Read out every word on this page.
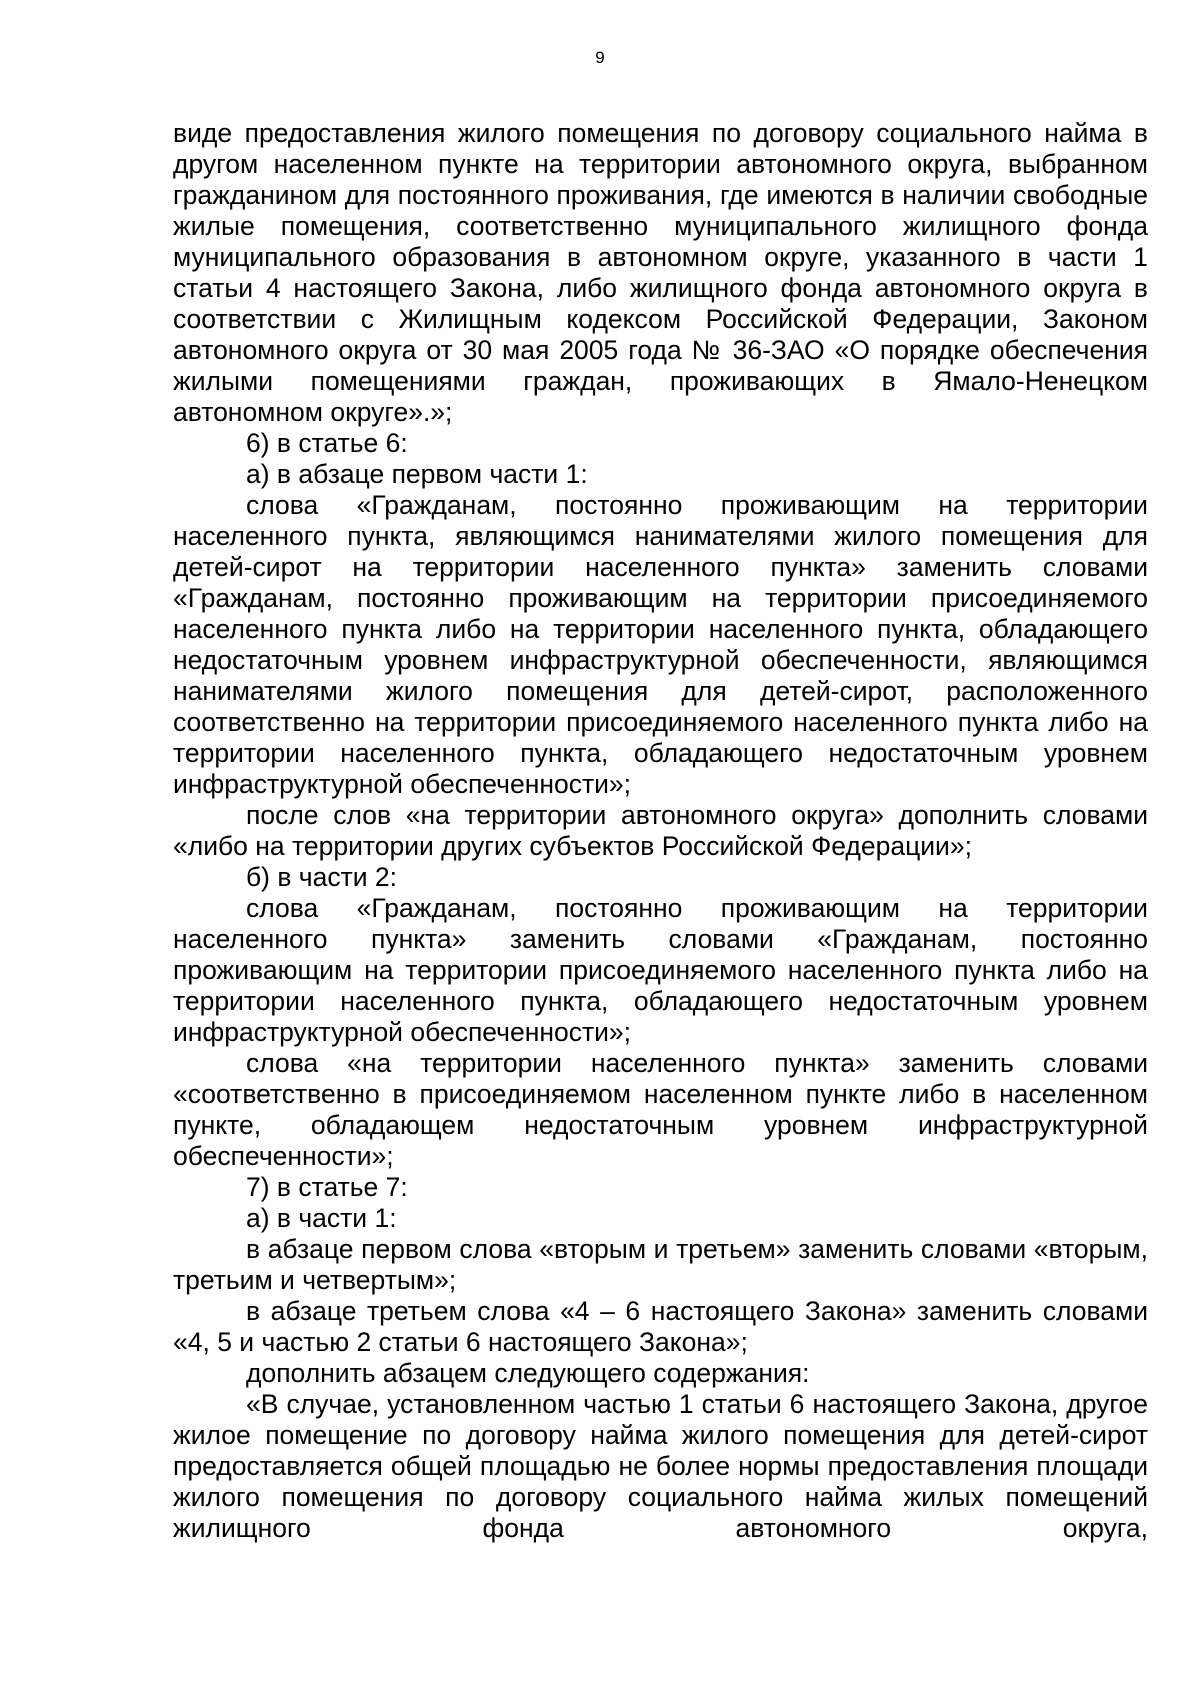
9

виде предоставления жилого помещения по договору социального найма в другом населенном пункте на территории автономного округа, выбранном гражданином для постоянного проживания, где имеются в наличии свободные жилые помещения, соответственно муниципального жилищного фонда муниципального образования в автономном округе, указанного в части 1 статьи 4 настоящего Закона, либо жилищного фонда автономного округа в соответствии с Жилищным кодексом Российской Федерации, Законом автономного округа от 30 мая 2005 года № 36-ЗАО «О порядке обеспечения жилыми помещениями граждан, проживающих в Ямало-Ненецком автономном округе».»;

6) в статье 6:

а) в абзаце первом части 1:

слова «Гражданам, постоянно проживающим на территории населенного пункта, являющимся нанимателями жилого помещения для детей-сирот на территории населенного пункта» заменить словами «Гражданам, постоянно проживающим на территории присоединяемого населенного пункта либо на территории населенного пункта, обладающего недостаточным уровнем инфраструктурной обеспеченности, являющимся нанимателями жилого помещения для детей-сирот, расположенного соответственно на территории присоединяемого населенного пункта либо на территории населенного пункта, обладающего недостаточным уровнем инфраструктурной обеспеченности»;

после слов «на территории автономного округа» дополнить словами «либо на территории других субъектов Российской Федерации»;

б) в части 2:

слова «Гражданам, постоянно проживающим на территории населенного пункта» заменить словами «Гражданам, постоянно проживающим на территории присоединяемого населенного пункта либо на территории населенного пункта, обладающего недостаточным уровнем инфраструктурной обеспеченности»;

слова «на территории населенного пункта» заменить словами «соответственно в присоединяемом населенном пункте либо в населенном пункте, обладающем недостаточным уровнем инфраструктурной обеспеченности»;

7) в статье 7:

а) в части 1:

в абзаце первом слова «вторым и третьем» заменить словами «вторым, третьим и четвертым»;

в абзаце третьем слова «4 – 6 настоящего Закона» заменить словами «4, 5 и частью 2 статьи 6 настоящего Закона»;

дополнить абзацем следующего содержания:

«В случае, установленном частью 1 статьи 6 настоящего Закона, другое жилое помещение по договору найма жилого помещения для детей-сирот предоставляется общей площадью не более нормы предоставления площади жилого помещения по договору социального найма жилых помещений жилищного фонда автономного округа,
